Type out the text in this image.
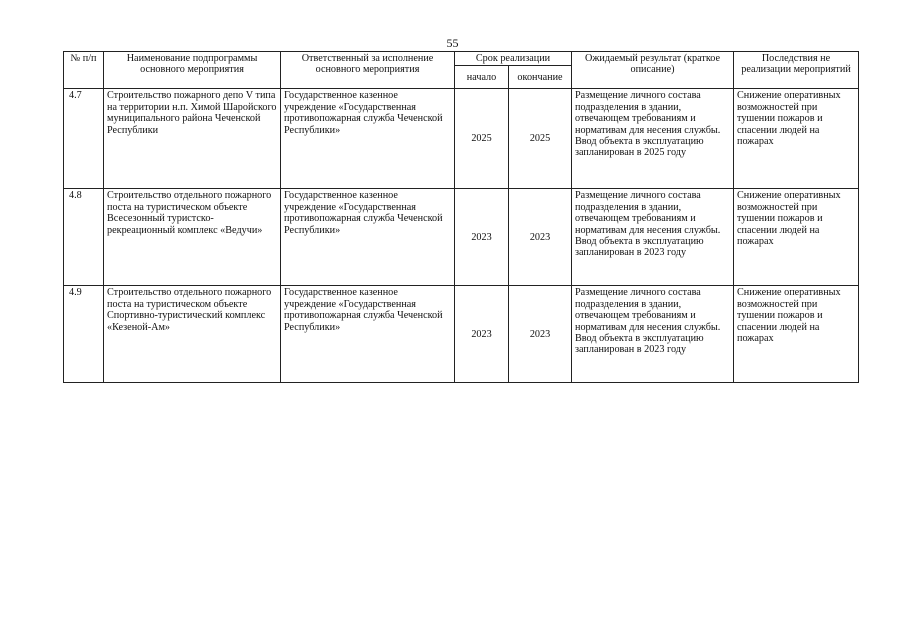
55
№ п/п	Наименование подпрограммы основного мероприятия	Ответственный за исполнение основного мероприятия	Срок реализации		Ожидаемый результат (краткое описание)	Последствия не реализации мероприятий
			начало	окончание		
4.7	Строительство пожарного депо V типа на территории н.п. Химой Шаройского муниципального района Чеченской Республики	Государственное казенное учреждение «Государственная противопожарная служба Чеченской Республики»	2025	2025	Размещение личного состава подразделения в здании, отвечающем требованиям и нормативам для несения службы. Ввод объекта в эксплуатацию запланирован в 2025 году	Снижение оперативных возможностей при тушении пожаров и спасении людей на пожарах
4.8	Строительство отдельного пожарного поста на туристическом объекте Всесезонный туристско-рекреационный комплекс «Ведучи»	Государственное казенное учреждение «Государственная противопожарная служба Чеченской Республики»	2023	2023	Размещение личного состава подразделения в здании, отвечающем требованиям и нормативам для несения службы. Ввод объекта в эксплуатацию запланирован в 2023 году	Снижение оперативных возможностей при тушении пожаров и спасении людей на пожарах
4.9	Строительство отдельного пожарного поста на туристическом объекте Спортивно-туристический комплекс «Кезеной-Ам»	Государственное казенное учреждение «Государственная противопожарная служба Чеченской Республики»	2023	2023	Размещение личного состава подразделения в здании, отвечающем требованиям и нормативам для несения службы. Ввод объекта в эксплуатацию запланирован в 2023 году	Снижение оперативных возможностей при тушении пожаров и спасении людей на пожарах
